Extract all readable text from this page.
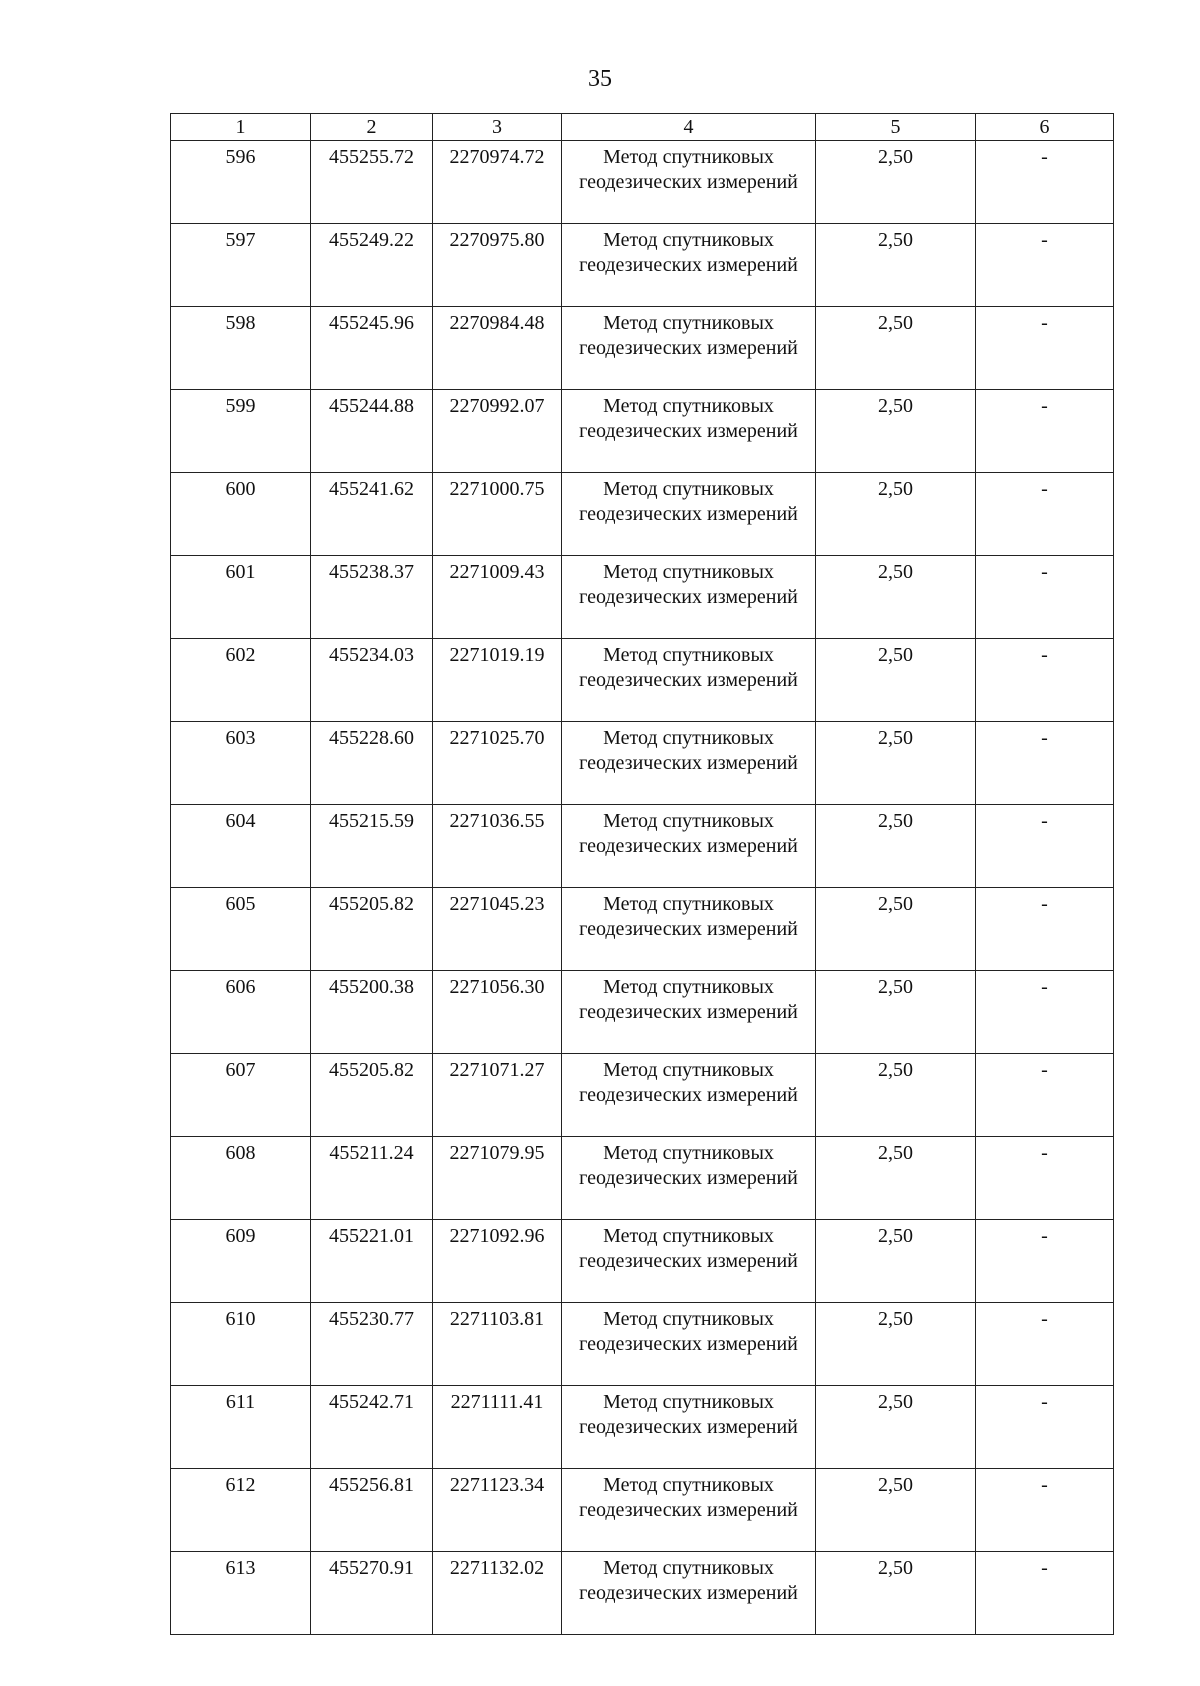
35
1	2	3	4	5	6
596	455255.72	2270974.72	Метод спутниковых геодезических измерений	2,50	-
597	455249.22	2270975.80	Метод спутниковых геодезических измерений	2,50	-
598	455245.96	2270984.48	Метод спутниковых геодезических измерений	2,50	-
599	455244.88	2270992.07	Метод спутниковых геодезических измерений	2,50	-
600	455241.62	2271000.75	Метод спутниковых геодезических измерений	2,50	-
601	455238.37	2271009.43	Метод спутниковых геодезических измерений	2,50	-
602	455234.03	2271019.19	Метод спутниковых геодезических измерений	2,50	-
603	455228.60	2271025.70	Метод спутниковых геодезических измерений	2,50	-
604	455215.59	2271036.55	Метод спутниковых геодезических измерений	2,50	-
605	455205.82	2271045.23	Метод спутниковых геодезических измерений	2,50	-
606	455200.38	2271056.30	Метод спутниковых геодезических измерений	2,50	-
607	455205.82	2271071.27	Метод спутниковых геодезических измерений	2,50	-
608	455211.24	2271079.95	Метод спутниковых геодезических измерений	2,50	-
609	455221.01	2271092.96	Метод спутниковых геодезических измерений	2,50	-
610	455230.77	2271103.81	Метод спутниковых геодезических измерений	2,50	-
611	455242.71	2271111.41	Метод спутниковых геодезических измерений	2,50	-
612	455256.81	2271123.34	Метод спутниковых геодезических измерений	2,50	-
613	455270.91	2271132.02	Метод спутниковых геодезических измерений	2,50	-
